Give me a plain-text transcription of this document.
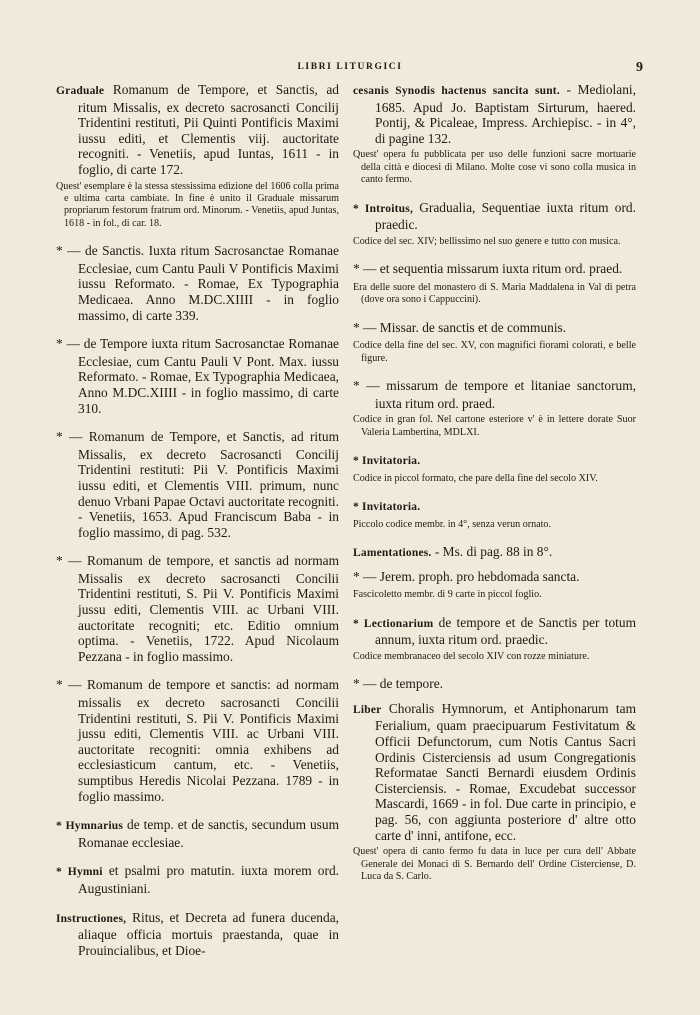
LIBRI LITURGICI	9
Graduale Romanum de Tempore, et Sanctis, ad ritum Missalis, ex decreto sacrosancti Concilij Tridentini restituti, Pii Quinti Pontificis Maximi iussu editi, et Clementis viij. auctoritate recogniti. - Venetiis, apud Iuntas, 1611 - in foglio, di carte 172.
Quest' esemplare è la stessa stessissima edizione del 1606 colla prima e ultima carta cambiate. In fine è unito il Graduale missarum propriarum festorum fratrum ord. Minorum. - Venetiis, apud Juntas, 1618 - in fol., di car. 18.
* — de Sanctis. Iuxta ritum Sacrosanctae Romanae Ecclesiae, cum Cantu Pauli V Pontificis Maximi iussu Reformato. - Romae, Ex Typographia Medicaea. Anno M.DC.XIIII - in foglio massimo, di carte 339.
* — de Tempore iuxta ritum Sacrosanctae Romanae Ecclesiae, cum Cantu Pauli V Pont. Max. iussu Reformato. - Romae, Ex Typographia Medicaea, Anno M.DC.XIIII - in foglio massimo, di carte 310.
* — Romanum de Tempore, et Sanctis, ad ritum Missalis, ex decreto Sacrosancti Concilij Tridentini restituti: Pii V. Pontificis Maximi iussu editi, et Clementis VIII. primum, nunc denuo Vrbani Papae Octavi auctoritate recogniti. - Venetiis, 1653. Apud Franciscum Baba - in foglio massimo, di pag. 532.
* — Romanum de tempore, et sanctis ad normam Missalis ex decreto sacrosancti Concilii Tridentini restituti, S. Pii V. Pontificis Maximi jussu editi, Clementis VIII. ac Urbani VIII. auctoritate recogniti; etc. Editio omnium optima. - Venetiis, 1722. Apud Nicolaum Pezzana - in foglio massimo.
* — Romanum de tempore et sanctis: ad normam missalis ex decreto sacrosancti Concilii Tridentini restituti, S. Pii V. Pontificis Maximi jussu editi, Clementis VIII. ac Urbani VIII. auctoritate recogniti: omnia exhibens ad ecclesiasticum cantum, etc. - Venetiis, sumptibus Heredis Nicolai Pezzana. 1789 - in foglio massimo.
* Hymnarius de temp. et de sanctis, secundum usum Romanae ecclesiae.
* Hymni et psalmi pro matutin. iuxta morem ord. Augustiniani.
Instructiones, Ritus, et Decreta ad funera ducenda, aliaque officia mortuis praestanda, quae in Prouincialibus, et Dioe-
cesanis Synodis hactenus sancita sunt. - Mediolani, 1685. Apud Jo. Baptistam Sirturum, haered. Pontij, & Picaleae, Impress. Archiepisc. - in 4°, di pagine 132.
Quest' opera fu pubblicata per uso delle funzioni sacre mortuarie della città e diocesi di Milano. Molte cose vi sono colla musica in canto fermo.
* Introitus, Gradualia, Sequentiae iuxta ritum ord. praedic.
Codice del sec. XIV; bellissimo nel suo genere e tutto con musica.
* — et sequentia missarum iuxta ritum ord. praed.
Era delle suore del monastero di S. Maria Maddalena in Val di petra (dove ora sono i Cappuccini).
* — Missar. de sanctis et de communis.
Codice della fine del sec. XV, con magnifici fiorami colorati, e belle figure.
* — missarum de tempore et litaniae sanctorum, iuxta ritum ord. praed.
Codice in gran fol. Nel cartone esteriore v' è in lettere dorate Suor Valeria Lambertina, MDLXI.
* Invitatoria.
Codice in piccol formato, che pare della fine del secolo XIV.
* Invitatoria.
Piccolo codice membr. in 4°, senza verun ornato.
Lamentationes. - Ms. di pag. 88 in 8°.
* — Jerem. proph. pro hebdomada sancta.
Fascicoletto membr. di 9 carte in piccol foglio.
* Lectionarium de tempore et de Sanctis per totum annum, iuxta ritum ord. praedic.
Codice membranaceo del secolo XIV con rozze miniature.
* — de tempore.
Liber Choralis Hymnorum, et Antiphonarum tam Ferialium, quam praecipuarum Festivitatum & Officii Defunctorum, cum Notis Cantus Sacri Ordinis Cisterciensis ad usum Congregationis Reformatae Sancti Bernardi eiusdem Ordinis Cisterciensis. - Romae, Excudebat successor Mascardi, 1669 - in fol. Due carte in principio, e pag. 56, con aggiunta posteriore d' altre otto carte d' inni, antifone, ecc.
Quest' opera di canto fermo fu data in luce per cura dell' Abbate Generale dei Monaci di S. Bernardo dell' Ordine Cisterciense, D. Luca da S. Carlo.
